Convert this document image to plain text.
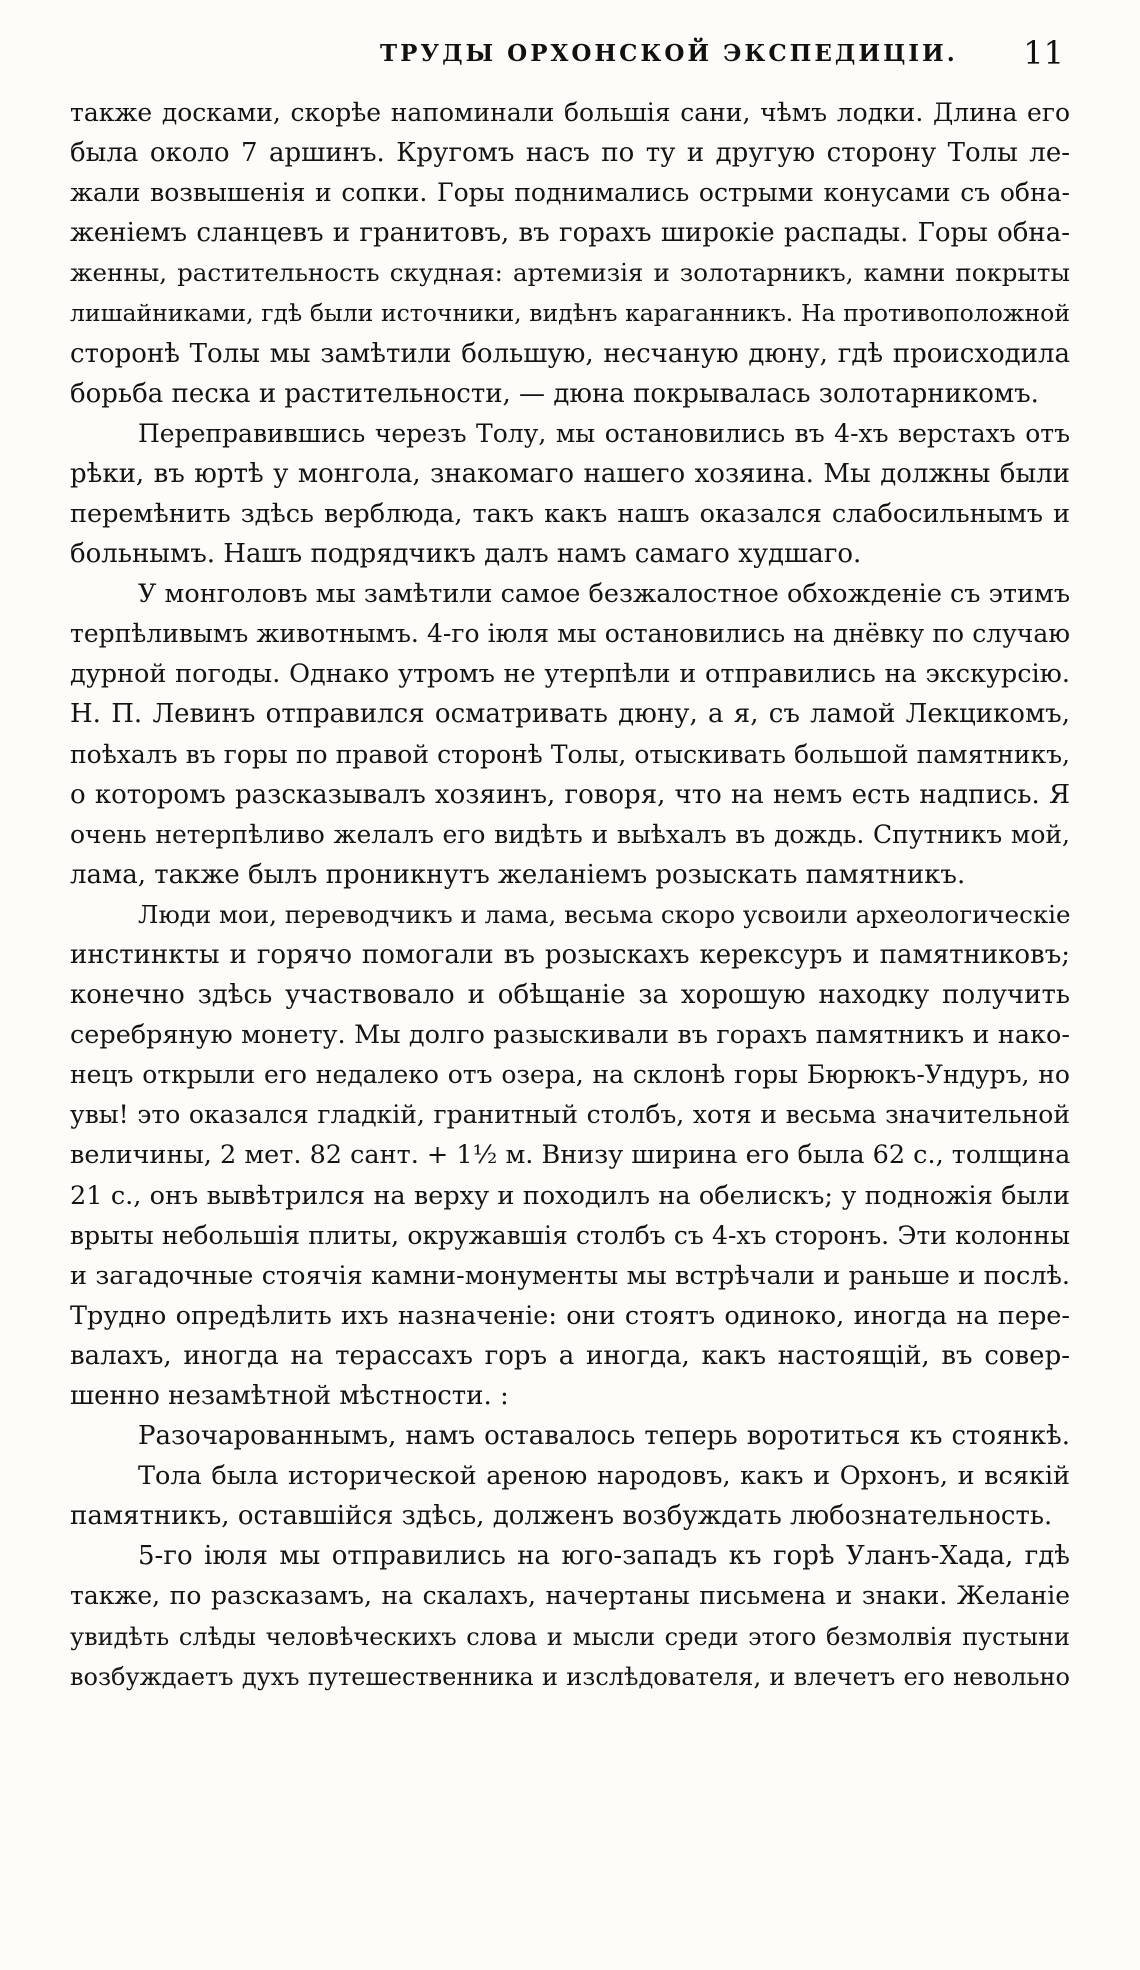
ТРУДЫ ОРХОНСКОЙ ЭКСПЕДИЦІИ. 11

также досками, скорѣе напоминали большія сани, чѣмъ лодки. Длина его
была около 7 аршинъ. Кругомъ насъ по ту и другую сторону Толы ле-
жали возвышенія и сопки. Горы поднимались острыми конусами съ обна-
женіемъ сланцевъ и гранитовъ, въ горахъ широкіе распады. Горы обна-
женны, растительность скудная: артемизія и золотарникъ, камни покрыты
лишайниками, гдѣ были источники, видѣнъ караганникъ. На противоположной
сторонѣ Толы мы замѣтили большую, несчаную дюну, гдѣ происходила
борьба песка и растительности, — дюна покрывалась золотарникомъ.

Переправившись черезъ Толу, мы остановились въ 4-хъ верстахъ отъ
рѣки, въ юртѣ у монгола, знакомаго нашего хозяина. Мы должны были
перемѣнить здѣсь верблюда, такъ какъ нашъ оказался слабосильнымъ и
больнымъ. Нашъ подрядчикъ далъ намъ самаго худшаго.

У монголовъ мы замѣтили самое безжалостное обхожденіе съ этимъ
терпѣливымъ животнымъ. 4-го іюля мы остановились на днёвку по случаю
дурной погоды. Однако утромъ не утерпѣли и отправились на экскурсію.
Н. П. Левинъ отправился осматривать дюну, а я, съ ламой Лекцикомъ,
поѣхалъ въ горы по правой сторонѣ Толы, отыскивать большой памятникъ,
о которомъ разсказывалъ хозяинъ, говоря, что на немъ есть надпись. Я
очень нетерпѣливо желалъ его видѣть и выѣхалъ въ дождь. Спутникъ мой,
лама, также былъ проникнутъ желаніемъ розыскать памятникъ.

Люди мои, переводчикъ и лама, весьма скоро усвоили археологическіе
инстинкты и горячо помогали въ розыскахъ керексуръ и памятниковъ;
конечно здѣсь участвовало и обѣщаніе за хорошую находку получить
серебряную монету. Мы долго разыскивали въ горахъ памятникъ и нако-
нецъ открыли его недалеко отъ озера, на склонѣ горы Бюрюкъ-Ундуръ, но
увы! это оказался гладкій, гранитный столбъ, хотя и весьма значительной
величины, 2 мет. 82 сант. + 1½ м. Внизу ширина его была 62 с., толщина
21 с., онъ вывѣтрился на верху и походилъ на обелискъ; у подножія были
врыты небольшія плиты, окружавшія столбъ съ 4-хъ сторонъ. Эти колонны
и загадочные стоячія камни-монументы мы встрѣчали и раньше и послѣ.
Трудно опредѣлить ихъ назначеніе: они стоятъ одиноко, иногда на пере-
валахъ, иногда на терассахъ горъ а иногда, какъ настоящій, въ совер-
шенно незамѣтной мѣстности. :

Разочарованнымъ, намъ оставалось теперь воротиться къ стоянкѣ.
Тола была исторической ареною народовъ, какъ и Орхонъ, и всякій
памятникъ, оставшійся здѣсь, долженъ возбуждать любознательность.

5-го іюля мы отправились на юго-западъ къ горѣ Уланъ-Хада, гдѣ
также, по разсказамъ, на скалахъ, начертаны письмена и знаки. Желаніе
увидѣть слѣды человѣческихъ слова и мысли среди этого безмолвія пустыни
возбуждаетъ духъ путешественника и изслѣдователя, и влечетъ его невольно
